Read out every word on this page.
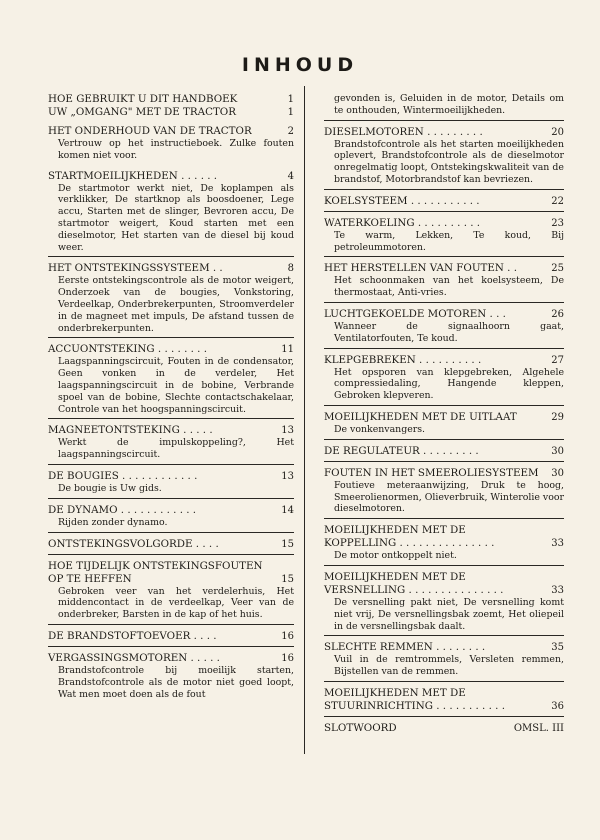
INHOUD
HOE GEBRUIKT U DIT HANDBOEK	1
UW „OMGANG" MET DE TRACTOR	1
HET ONDERHOUD VAN DE TRACTOR	2
Vertrouw op het instructieboek. Zulke fouten komen niet voor.
STARTMOEILIJKHEDEN . . . . . .	4
De startmotor werkt niet, De koplampen als verklikker, De startknop als boosdoener, Lege accu, Starten met de slinger, Bevroren accu, De startmotor weigert, Koud starten met een dieselmotor, Het starten van de diesel bij koud weer.
HET ONTSTEKINGSSYSTEEM . .	8
Eerste ontstekingscontrole als de motor weigert, Onderzoek van de bougies, Vonkstoring, Verdeelkap, Onderbrekerpunten, Stroomverdeler in de magneet met impuls, De afstand tussen de onderbrekerpunten.
ACCUONTSTEKING . . . . . . . .	11
Laagspanningscircuit, Fouten in de condensator, Geen vonken in de verdeler, Het laagspanningscircuit in de bobine, Verbrande spoel van de bobine, Slechte contactschakelaar, Controle van het hoogspanningscircuit.
MAGNEETONTSTEKING . . . . .	13
Werkt de impulskoppeling?, Het laagspanningscircuit.
DE BOUGIES . . . . . . . . . . . .	13
De bougie is Uw gids.
DE DYNAMO . . . . . . . . . . . .	14
Rijden zonder dynamo.
ONTSTEKINGSVOLGORDE . . . .	15
HOE TIJDELIJK ONTSTEKINGSFOUTEN OP TE HEFFEN	15
Gebroken veer van het verdelerhuis, Het middencontact in de verdeelkap, Veer van de onderbreker, Barsten in de kap of het huis.
DE BRANDSTOFTOEVOER . . . .	16
VERGASSINGSMOTOREN . . . . .	16
Brandstofcontrole bij moeilijk starten, Brandstofcontrole als de motor niet goed loopt, Wat men moet doen als de fout
gevonden is, Geluiden in de motor, Details om te onthouden, Wintermoeilijkheden.
DIESELMOTOREN . . . . . . . . .	20
Brandstofcontrole als het starten moeilijkheden oplevert, Brandstofcontrole als de dieselmotor onregelmatig loopt, Ontstekingskwaliteit van de brandstof, Motorbrandstof kan bevriezen.
KOELSYSTEEM . . . . . . . . . . .	22
WATERKOELING . . . . . . . . . .	23
Te warm, Lekken, Te koud, Bij petroleummotoren.
HET HERSTELLEN VAN FOUTEN . .	25
Het schoonmaken van het koelsysteem, De thermostaat, Anti-vries.
LUCHTGEKOELDE MOTOREN . . .	26
Wanneer de signaalhoorn gaat, Ventilatorfouten, Te koud.
KLEPGEBREKEN . . . . . . . . . .	27
Het opsporen van klepgebreken, Algehele compressiedaling, Hangende kleppen, Gebroken klepveren.
MOEILIJKHEDEN MET DE UITLAAT	29
De vonkenvangers.
DE REGULATEUR . . . . . . . . .	30
FOUTEN IN HET SMEEROLIESYSTEEM 30
Foutieve meteraanwijzing, Druk te hoog, Smeerolienormen, Olieverbruik, Winterolie voor dieselmotoren.
MOEILIJKHEDEN MET DE KOPPELLING . . . . . . . . . . . . . . .	33
De motor ontkoppelt niet.
MOEILIJKHEDEN MET DE VERSNELLING . . . . . . . . . . . . . . .	33
De versnelling pakt niet, De versnelling komt niet vrij, De versnellingsbak zoemt, Het oliepeil in de versnellingsbak daalt.
SLECHTE REMMEN . . . . . . . .	35
Vuil in de remtrommels, Versleten remmen, Bijstellen van de remmen.
MOEILIJKHEDEN MET DE STUURINRICHTING . . . . . . . . . . .	36
SLOTWOORD	OMSL. III
